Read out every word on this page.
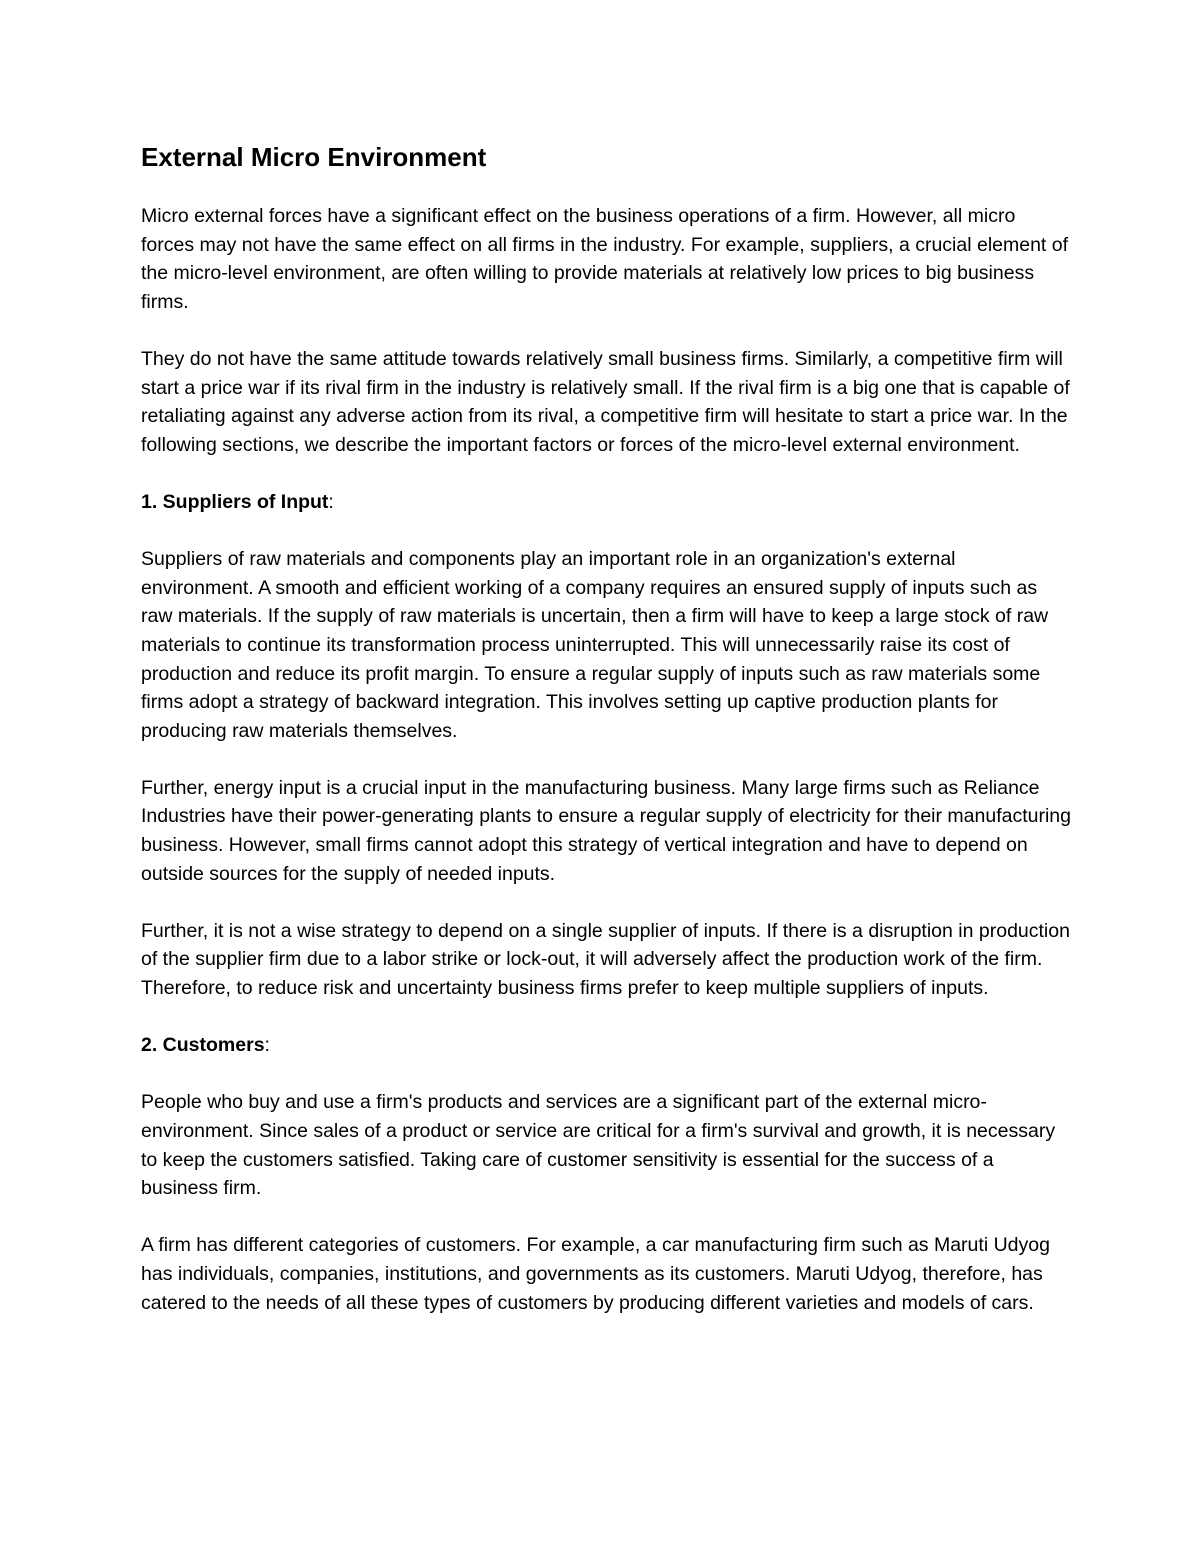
External Micro Environment

Micro external forces have a significant effect on the business operations of a firm. However, all micro forces may not have the same effect on all firms in the industry. For example, suppliers, a crucial element of the micro-level environment, are often willing to provide materials at relatively low prices to big business firms.

They do not have the same attitude towards relatively small business firms. Similarly, a competitive firm will start a price war if its rival firm in the industry is relatively small. If the rival firm is a big one that is capable of retaliating against any adverse action from its rival, a competitive firm will hesitate to start a price war. In the following sections, we describe the important factors or forces of the micro-level external environment.

1. Suppliers of Input:

Suppliers of raw materials and components play an important role in an organization's external environment. A smooth and efficient working of a company requires an ensured supply of inputs such as raw materials. If the supply of raw materials is uncertain, then a firm will have to keep a large stock of raw materials to continue its transformation process uninterrupted. This will unnecessarily raise its cost of production and reduce its profit margin. To ensure a regular supply of inputs such as raw materials some firms adopt a strategy of backward integration. This involves setting up captive production plants for producing raw materials themselves.

Further, energy input is a crucial input in the manufacturing business. Many large firms such as Reliance Industries have their power-generating plants to ensure a regular supply of electricity for their manufacturing business. However, small firms cannot adopt this strategy of vertical integration and have to depend on outside sources for the supply of needed inputs.

Further, it is not a wise strategy to depend on a single supplier of inputs. If there is a disruption in production of the supplier firm due to a labor strike or lock-out, it will adversely affect the production work of the firm. Therefore, to reduce risk and uncertainty business firms prefer to keep multiple suppliers of inputs.

2. Customers:

People who buy and use a firm's products and services are a significant part of the external micro-environment. Since sales of a product or service are critical for a firm's survival and growth, it is necessary to keep the customers satisfied. Taking care of customer sensitivity is essential for the success of a business firm.

A firm has different categories of customers. For example, a car manufacturing firm such as Maruti Udyog has individuals, companies, institutions, and governments as its customers. Maruti Udyog, therefore, has catered to the needs of all these types of customers by producing different varieties and models of cars.
